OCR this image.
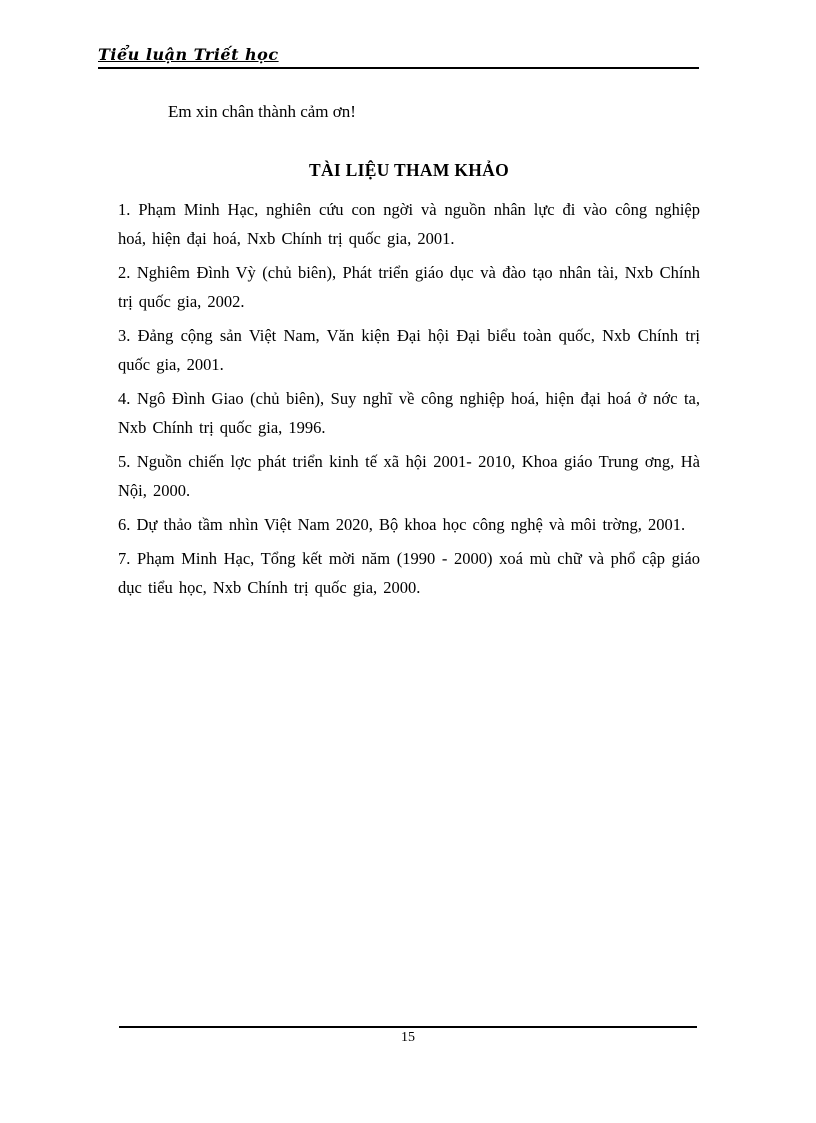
Tiểu luận Triết học

Em xin chân thành cảm ơn!

TÀI LIỆU THAM KHẢO

1. Phạm Minh Hạc, nghiên cứu con ngời và nguồn nhân lực đi vào công nghiệp hoá, hiện đại hoá, Nxb Chính trị quốc gia, 2001.

2. Nghiêm Đình Vỳ (chủ biên), Phát triển giáo dục và đào tạo nhân tài, Nxb Chính trị quốc gia, 2002.

3. Đảng cộng sản Việt Nam, Văn kiện Đại hội Đại biểu toàn quốc, Nxb Chính trị quốc gia, 2001.

4. Ngô Đình Giao (chủ biên), Suy nghĩ về công nghiệp hoá, hiện đại hoá ở nớc ta, Nxb Chính trị quốc gia, 1996.

5. Nguồn chiến lợc phát triển kinh tế xã hội 2001- 2010, Khoa giáo Trung ơng, Hà Nội, 2000.

6. Dự thảo tầm nhìn Việt Nam 2020, Bộ khoa học công nghệ và môi trờng, 2001.

7. Phạm Minh Hạc, Tổng kết mời năm (1990 - 2000) xoá mù chữ và phổ cập giáo dục tiểu học, Nxb Chính trị quốc gia, 2000.

15
